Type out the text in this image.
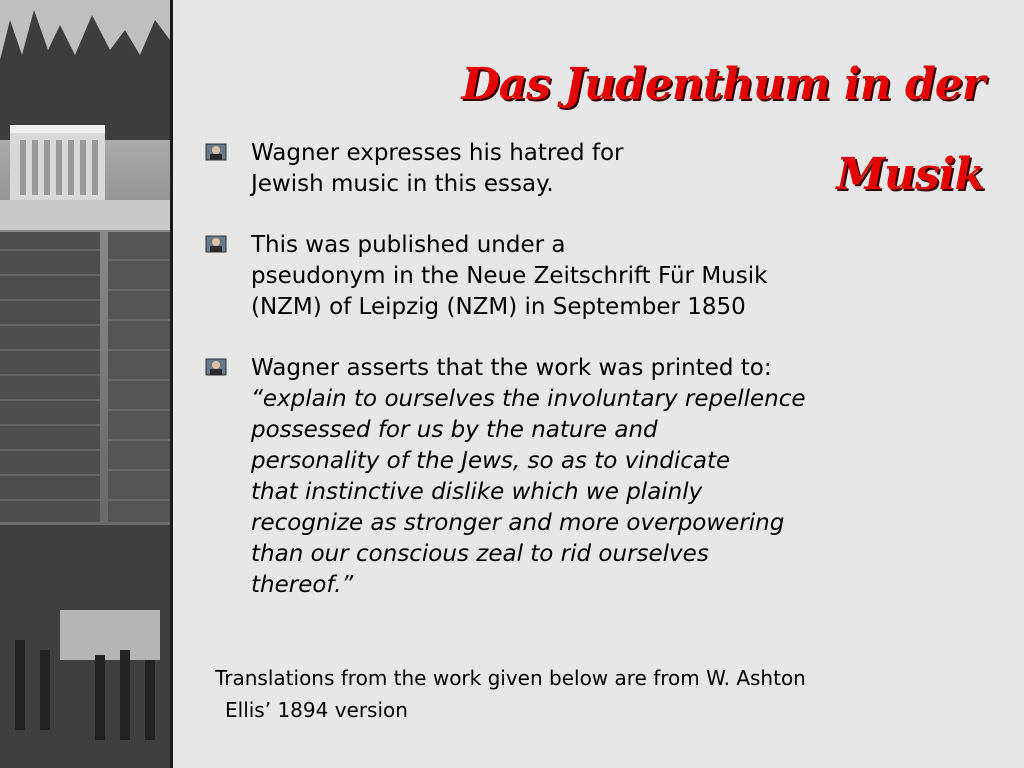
Das Judenthum in der Musik
Wagner expresses his hatred for
Jewish music in this essay.
This was published under a
pseudonym in the Neue Zeitschrift Für Musik
(NZM) of Leipzig (NZM) in September 1850
Wagner asserts that the work was printed to:
“explain to ourselves the involuntary repellence
possessed for us by the nature and
personality of the Jews, so as to vindicate
that instinctive dislike which we plainly
recognize as stronger and more overpowering
than our conscious zeal to rid ourselves
thereof.”

Translations from the work given below are from W. Ashton
Ellis’ 1894 version
